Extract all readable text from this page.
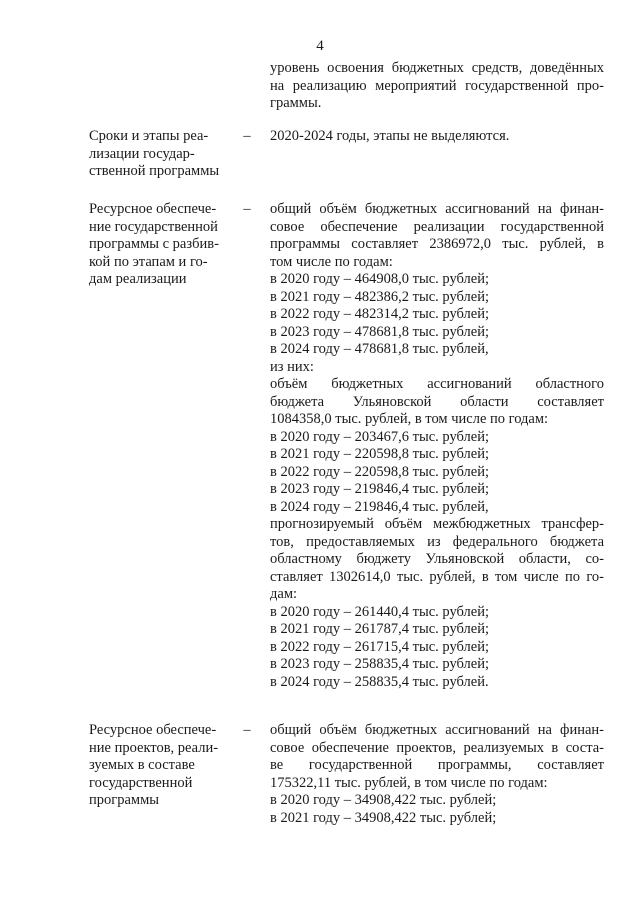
4
уровень освоения бюджетных средств, доведённых
на реализацию мероприятий государственной про-
граммы.
Сроки и этапы реа-
лизации государ-
ственной программы
– 2020-2024 годы, этапы не выделяются.
Ресурсное обеспече-
ние государственной
программы с разбив-
кой по этапам и го-
дам реализации
– общий объём бюджетных ассигнований на финан-
совое обеспечение реализации государственной
программы составляет 2386972,0 тыс. рублей, в
том числе по годам:
в 2020 году – 464908,0 тыс. рублей;
в 2021 году – 482386,2 тыс. рублей;
в 2022 году – 482314,2 тыс. рублей;
в 2023 году – 478681,8 тыс. рублей;
в 2024 году – 478681,8 тыс. рублей,
из них:
объём бюджетных ассигнований областного
бюджета Ульяновской области составляет
1084358,0 тыс. рублей, в том числе по годам:
в 2020 году – 203467,6 тыс. рублей;
в 2021 году – 220598,8 тыс. рублей;
в 2022 году – 220598,8 тыс. рублей;
в 2023 году – 219846,4 тыс. рублей;
в 2024 году – 219846,4 тыс. рублей,
прогнозируемый объём межбюджетных трансфер-
тов, предоставляемых из федерального бюджета
областному бюджету Ульяновской области, со-
ставляет 1302614,0 тыс. рублей, в том числе по го-
дам:
в 2020 году – 261440,4 тыс. рублей;
в 2021 году – 261787,4 тыс. рублей;
в 2022 году – 261715,4 тыс. рублей;
в 2023 году – 258835,4 тыс. рублей;
в 2024 году – 258835,4 тыс. рублей.
Ресурсное обеспече-
ние проектов, реали-
зуемых в составе
государственной
программы
– общий объём бюджетных ассигнований на финан-
совое обеспечение проектов, реализуемых в соста-
ве государственной программы, составляет
175322,11 тыс. рублей, в том числе по годам:
в 2020 году – 34908,422 тыс. рублей;
в 2021 году – 34908,422 тыс. рублей;
